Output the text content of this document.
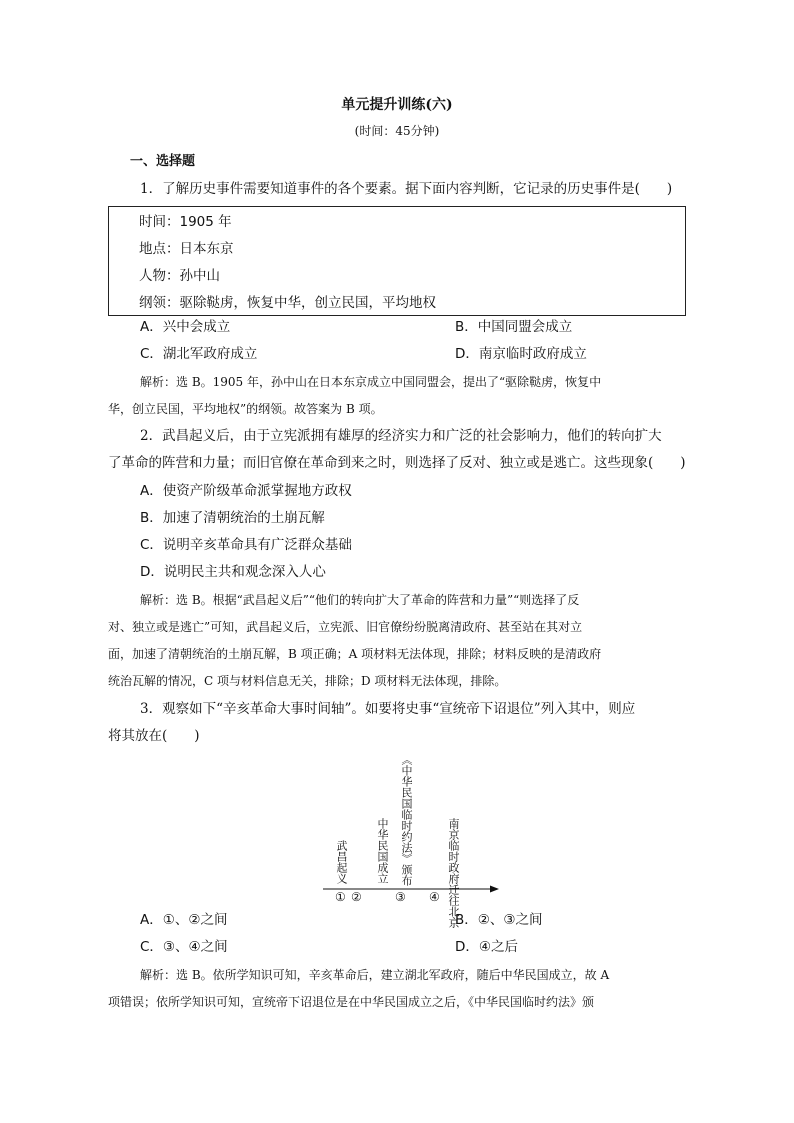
单元提升训练(六)
(时间：45分钟)
一、选择题
1．了解历史事件需要知道事件的各个要素。据下面内容判断，它记录的历史事件是(　　)
时间：1905 年
地点：日本东京
人物：孙中山
纲领：驱除鞑虏，恢复中华，创立民国，平均地权
A．兴中会成立	B．中国同盟会成立
C．湖北军政府成立	D．南京临时政府成立
解析：选 B。1905 年，孙中山在日本东京成立中国同盟会，提出了“驱除鞑虏，恢复中
华，创立民国，平均地权”的纲领。故答案为 B 项。
2．武昌起义后，由于立宪派拥有雄厚的经济实力和广泛的社会影响力，他们的转向扩大
了革命的阵营和力量；而旧官僚在革命到来之时，则选择了反对、独立或是逃亡。这些现象(　　)
A．使资产阶级革命派掌握地方政权
B．加速了清朝统治的土崩瓦解
C．说明辛亥革命具有广泛群众基础
D．说明民主共和观念深入人心
解析：选 B。根据“武昌起义后”“他们的转向扩大了革命的阵营和力量”“则选择了反
对、独立或是逃亡”可知，武昌起义后，立宪派、旧官僚纷纷脱离清政府、甚至站在其对立
面，加速了清朝统治的土崩瓦解，B 项正确；A 项材料无法体现，排除；材料反映的是清政府
统治瓦解的情况，C 项与材料信息无关，排除；D 项材料无法体现，排除。
3．观察如下“辛亥革命大事时间轴”。如要将史事“宣统帝下诏退位”列入其中，则应
将其放在(　　)
武昌起义	中华民国成立 《中华民国临时约法》颁布	南京临时政府迁往北京
① ②	③ ④
A．①、②之间	B．②、③之间
C．③、④之间	D．④之后
解析：选 B。依所学知识可知，辛亥革命后，建立湖北军政府，随后中华民国成立，故 A
项错误；依所学知识可知，宣统帝下诏退位是在中华民国成立之后，《中华民国临时约法》颁
